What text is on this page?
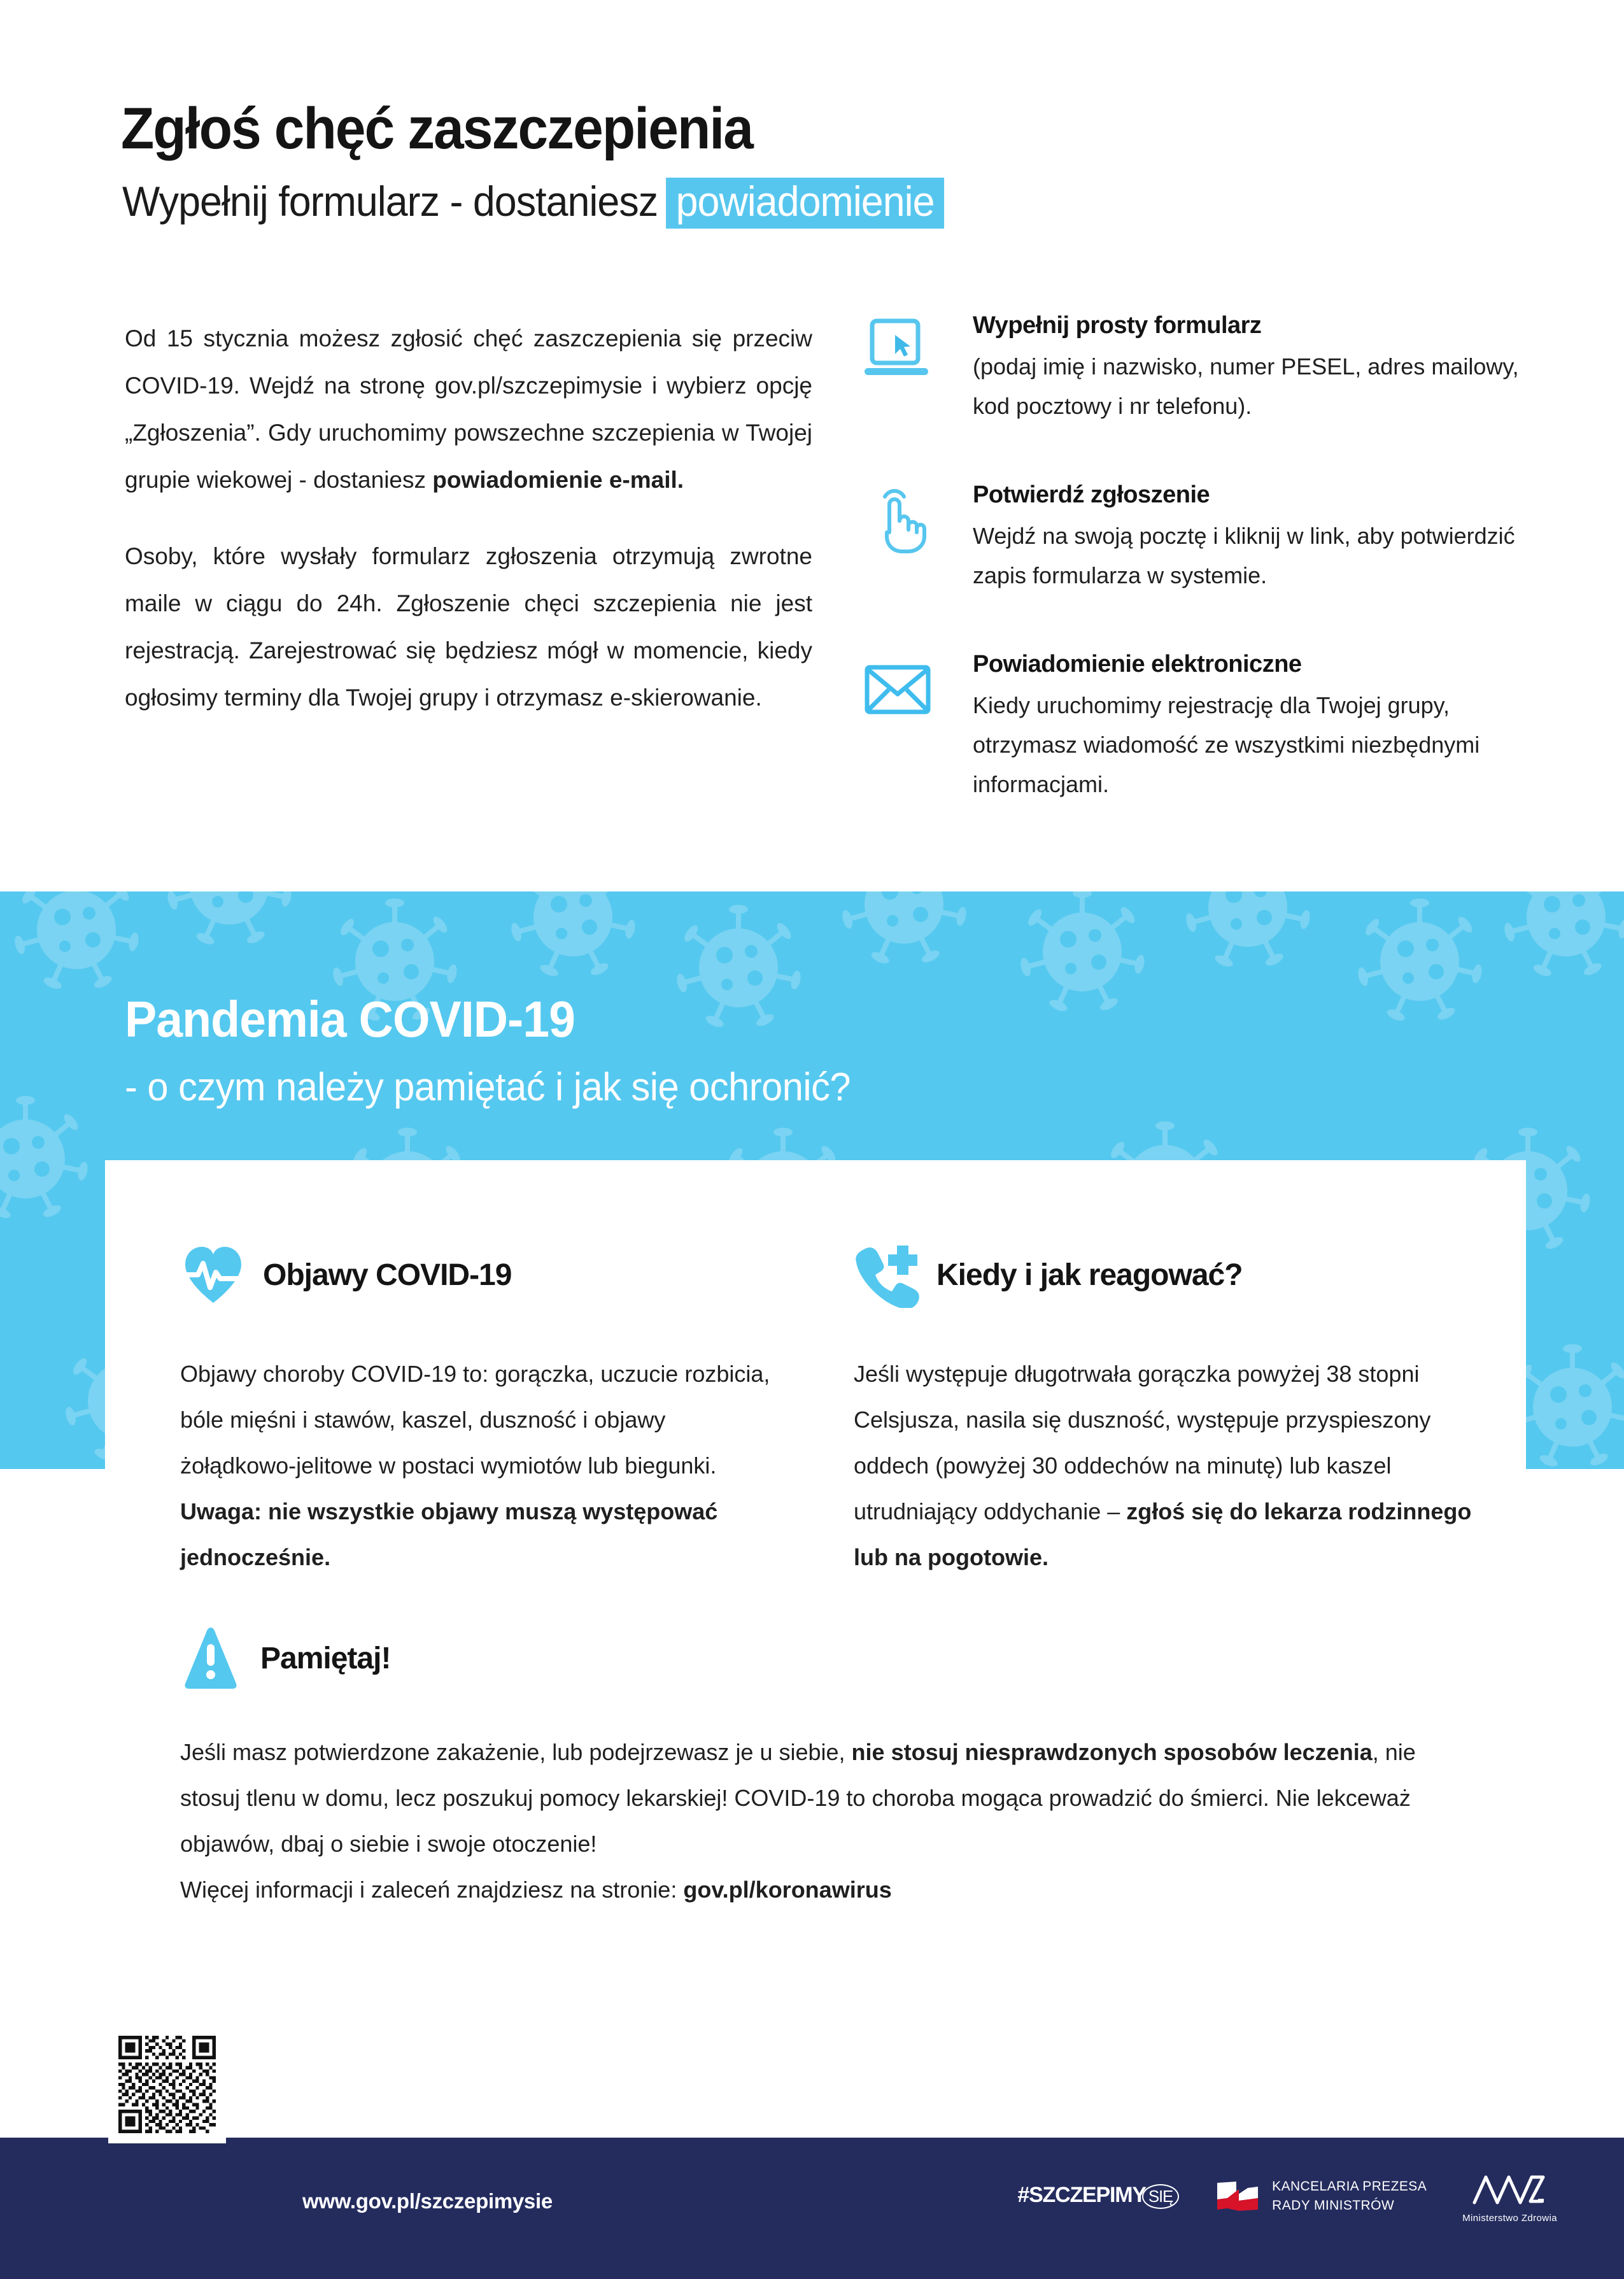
Zgłoś chęć zaszczepienia
Wypełnij formularz - dostaniesz powiadomienie

Od 15 stycznia możesz zgłosić chęć zaszczepienia się przeciw COVID-19. Wejdź na stronę gov.pl/szczepimysie i wybierz opcję „Zgłoszenia”. Gdy uruchomimy powszechne szczepienia w Twojej grupie wiekowej - dostaniesz powiadomienie e-mail.

Osoby, które wysłały formularz zgłoszenia otrzymują zwrotne maile w ciągu do 24h. Zgłoszenie chęci szczepienia nie jest rejestracją. Zarejestrować się będziesz mógł w momencie, kiedy ogłosimy terminy dla Twojej grupy i otrzymasz e-skierowanie.

Wypełnij prosty formularz

(podaj imię i nazwisko, numer PESEL, adres mailowy, kod pocztowy i nr telefonu).

Potwierdź zgłoszenie

Wejdź na swoją pocztę i kliknij w link, aby potwierdzić zapis formularza w systemie.

Powiadomienie elektroniczne

Kiedy uruchomimy rejestrację dla Twojej grupy, otrzymasz wiadomość ze wszystkimi niezbędnymi informacjami.

Pandemia COVID-19
- o czym należy pamiętać i jak się ochronić?
Objawy COVID-19

Objawy choroby COVID-19 to: gorączka, uczucie rozbicia, bóle mięśni i stawów, kaszel, duszność i objawy żołądkowo-jelitowe w postaci wymiotów lub biegunki. Uwaga: nie wszystkie objawy muszą występować jednocześnie.

Kiedy i jak reagować?

Jeśli występuje długotrwała gorączka powyżej 38 stopni Celsjusza, nasila się duszność, występuje przyspieszony oddech (powyżej 30 oddechów na minutę) lub kaszel utrudniający oddychanie – zgłoś się do lekarza rodzinnego lub na pogotowie.

Pamiętaj!

Jeśli masz potwierdzone zakażenie, lub podejrzewasz je u siebie, nie stosuj niesprawdzonych sposobów leczenia, nie stosuj tlenu w domu, lecz poszukuj pomocy lekarskiej! COVID-19 to choroba mogąca prowadzić do śmierci. Nie lekceważ objawów, dbaj o siebie i swoje otoczenie!

Więcej informacji i zaleceń znajdziesz na stronie: gov.pl/koronawirus

www.gov.pl/szczepimysie	#SZCZEPIMY SIĘ
KANCELARIA PREZESA
RADY MINISTRÓW
Ministerstwo Zdrowia
